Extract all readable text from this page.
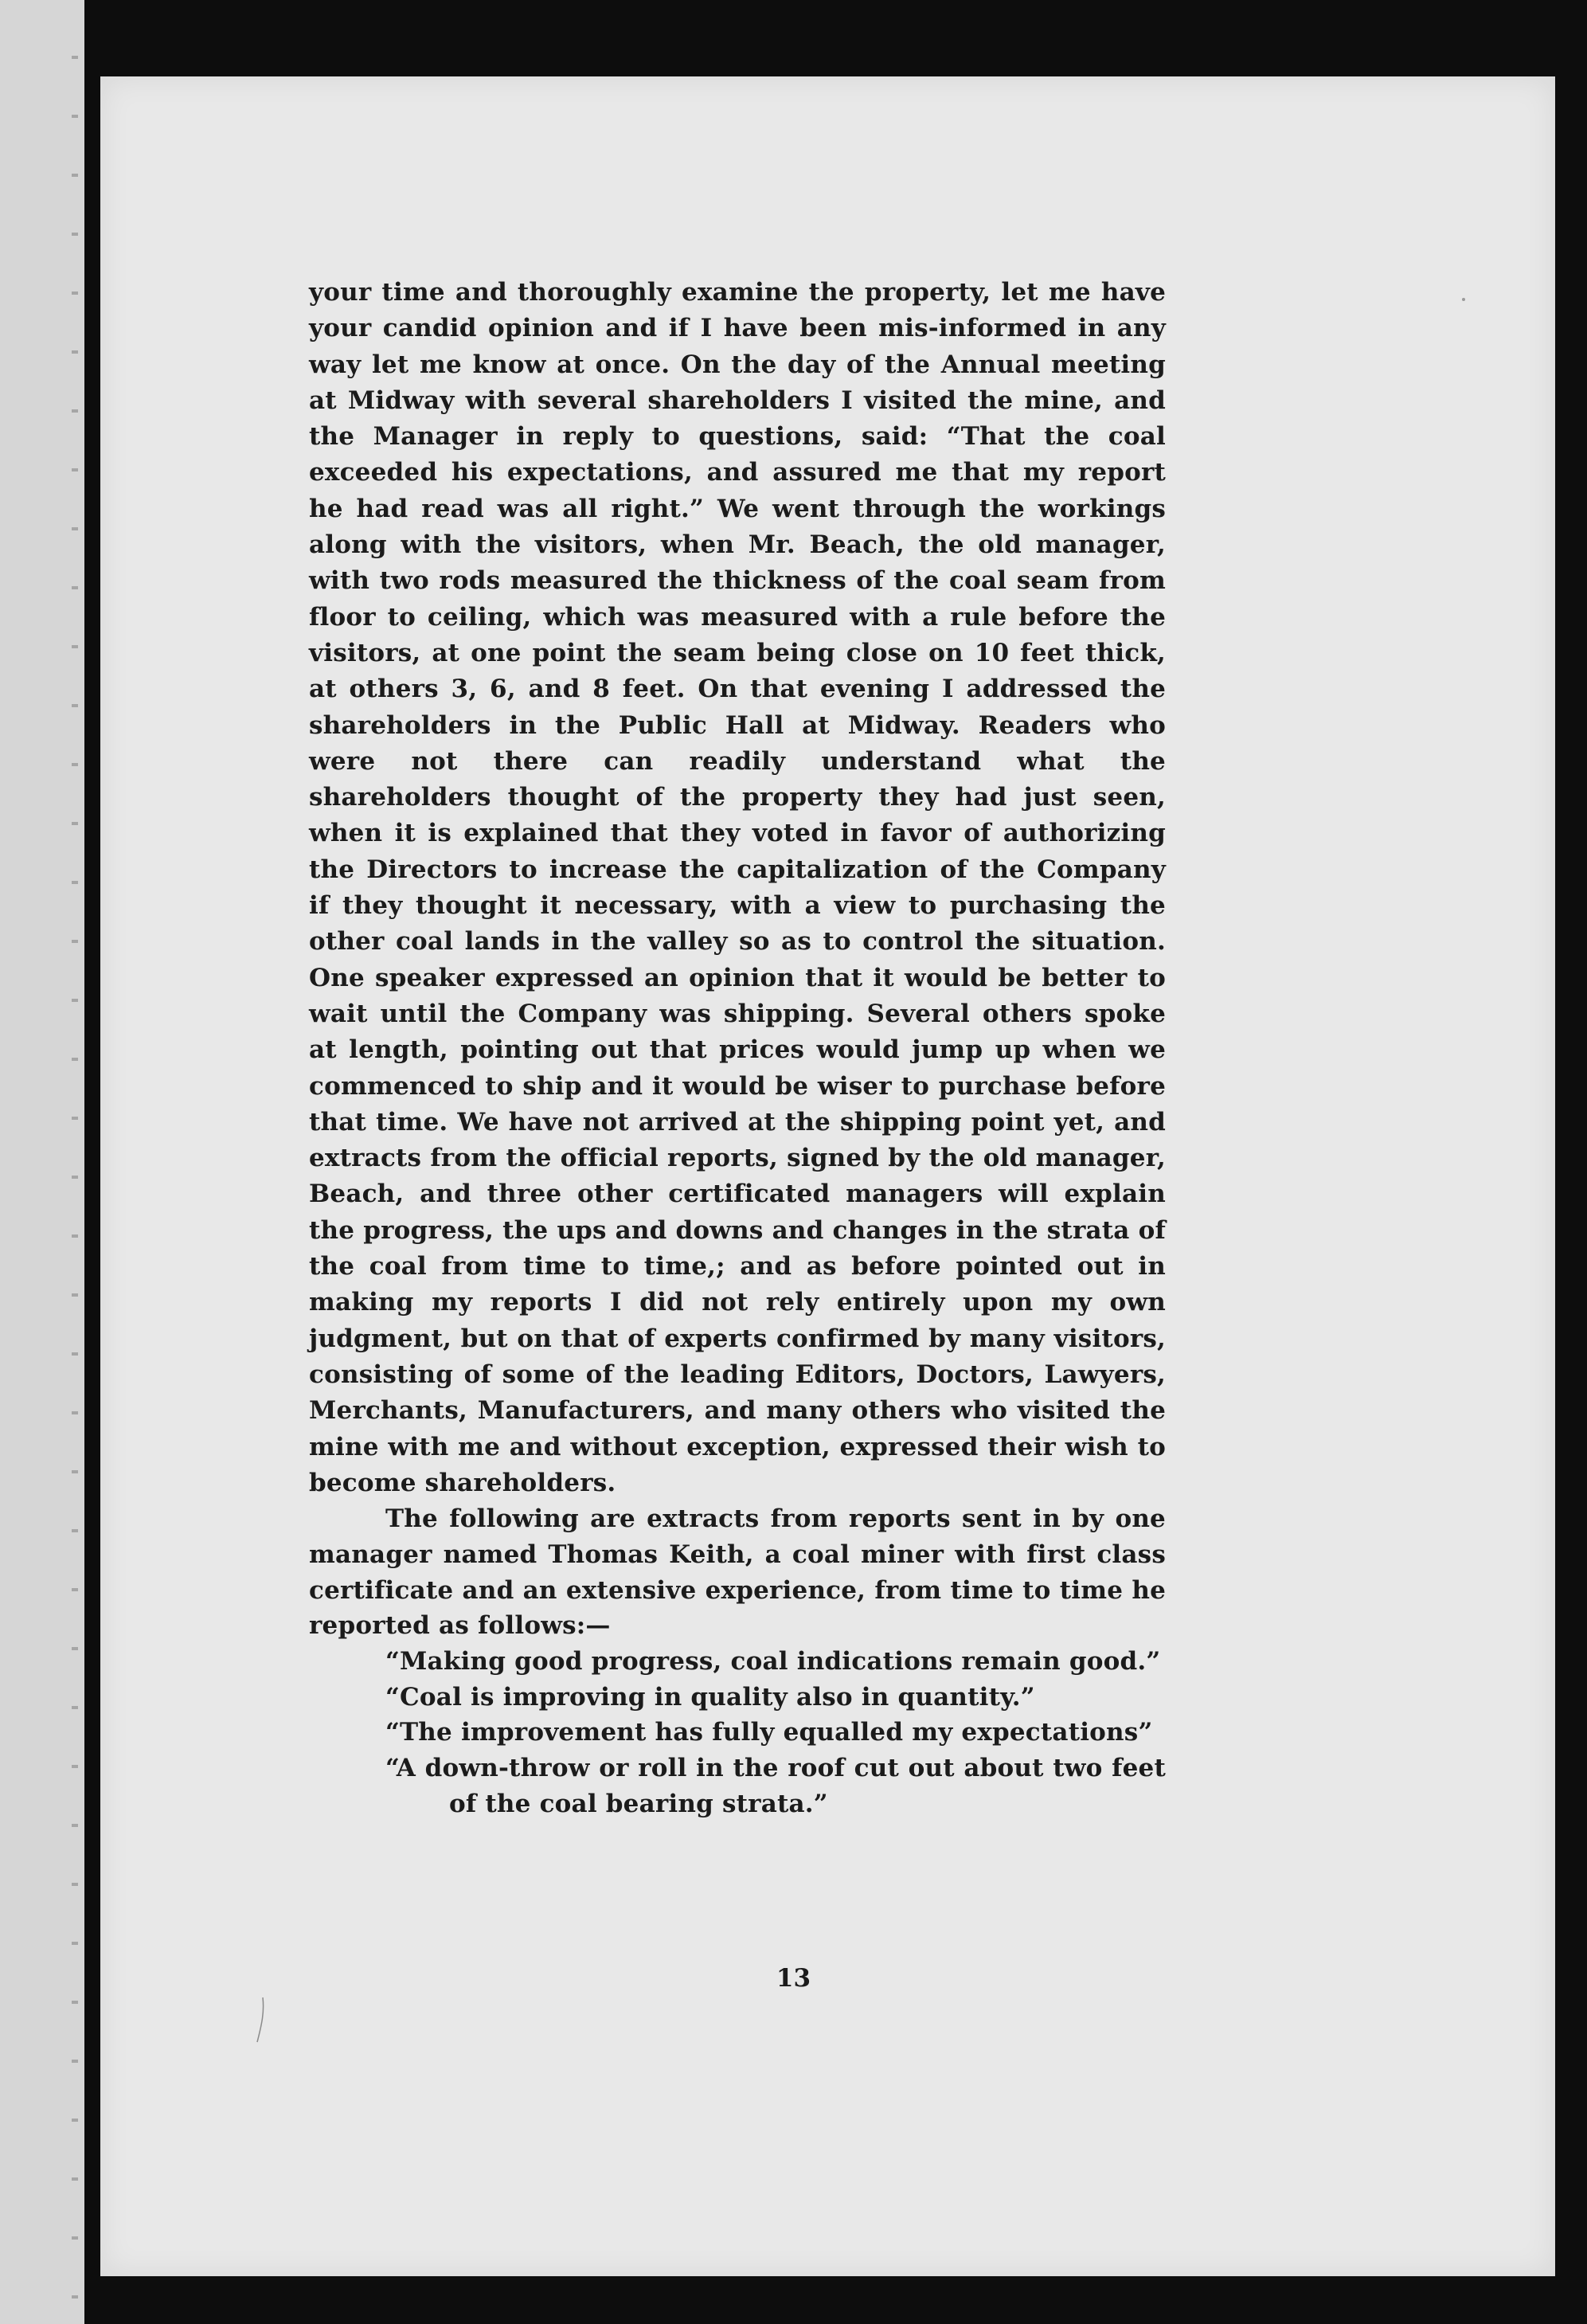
your time and thoroughly examine the property, let me have your candid opinion and if I have been mis-informed in any way let me know at once. On the day of the Annual meeting at Midway with several shareholders I visited the mine, and the Manager in reply to questions, said: “That the coal exceeded his expectations, and assured me that my report he had read was all right.” We went through the workings along with the visitors, when Mr. Beach, the old manager, with two rods measured the thickness of the coal seam from floor to ceiling, which was measured with a rule before the visitors, at one point the seam being close on 10 feet thick, at others 3, 6, and 8 feet. On that evening I addressed the shareholders in the Public Hall at Midway. Readers who were not there can readily understand what the shareholders thought of the property they had just seen, when it is explained that they voted in favor of authorizing the Directors to increase the capitalization of the Company if they thought it necessary, with a view to purchasing the other coal lands in the valley so as to control the situation. One speaker expressed an opinion that it would be better to wait until the Company was shipping. Several others spoke at length, pointing out that prices would jump up when we commenced to ship and it would be wiser to purchase before that time. We have not arrived at the shipping point yet, and extracts from the official reports, signed by the old manager, Beach, and three other certificated managers will explain the progress, the ups and downs and changes in the strata of the coal from time to time,; and as before pointed out in making my reports I did not rely entirely upon my own judgment, but on that of experts confirmed by many visitors, consisting of some of the leading Editors, Doctors, Lawyers, Merchants, Manufacturers, and many others who visited the mine with me and without exception, expressed their wish to become shareholders.

The following are extracts from reports sent in by one manager named Thomas Keith, a coal miner with first class certificate and an extensive experience, from time to time he reported as follows:—

“Making good progress, coal indications remain good.”
“Coal is improving in quality also in quantity.”
“The improvement has fully equalled my expectations”
“A down-throw or roll in the roof cut out about two feet of the coal bearing strata.”
13
